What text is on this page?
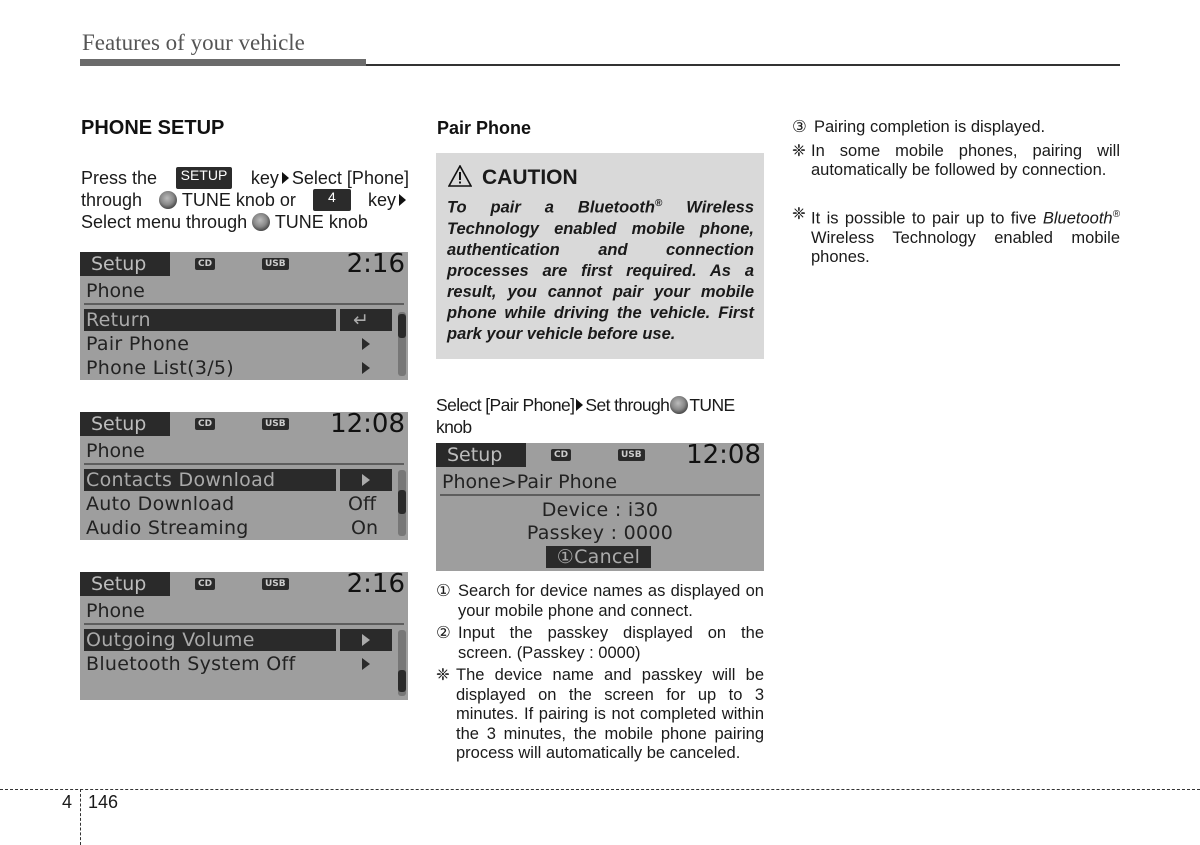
Features of your vehicle
PHONE SETUP
Press the	SETUP key Select [Phone]
through	TUNE knob or	4	key
Select menu through TUNE knob
Setup	CD	USB 2:16
Phone
Return	↵
Pair Phone
Phone List(3/5)
Setup	CD	USB 12:08
Phone
Contacts Download
Auto Download	Off
Audio Streaming	On
Setup	CD	USB 2:16
Phone
Outgoing Volume
Bluetooth System Off
Pair Phone
CAUTION
To pair a Bluetooth® Wireless Technology enabled mobile phone, authentication and connection processes are first required. As a result, you cannot pair your mobile phone while driving the vehicle. First park your vehicle before use.
Select [Pair Phone] Set through TUNE
knob
Setup	CD	USB 12:08
Phone>Pair Phone
Device : i30
Passkey : 0000
①Cancel
① Search for device names as displayed on your mobile phone and connect.
② Input the passkey displayed on the screen. (Passkey : 0000)
❈ The device name and passkey will be displayed on the screen for up to 3 minutes. If pairing is not completed within the 3 minutes, the mobile phone pairing process will automatically be canceled.
③ Pairing completion is displayed.
❈ In some mobile phones, pairing will automatically be followed by connection.
❈ It is possible to pair up to five Bluetooth® Wireless Technology enabled mobile phones.
4 146
